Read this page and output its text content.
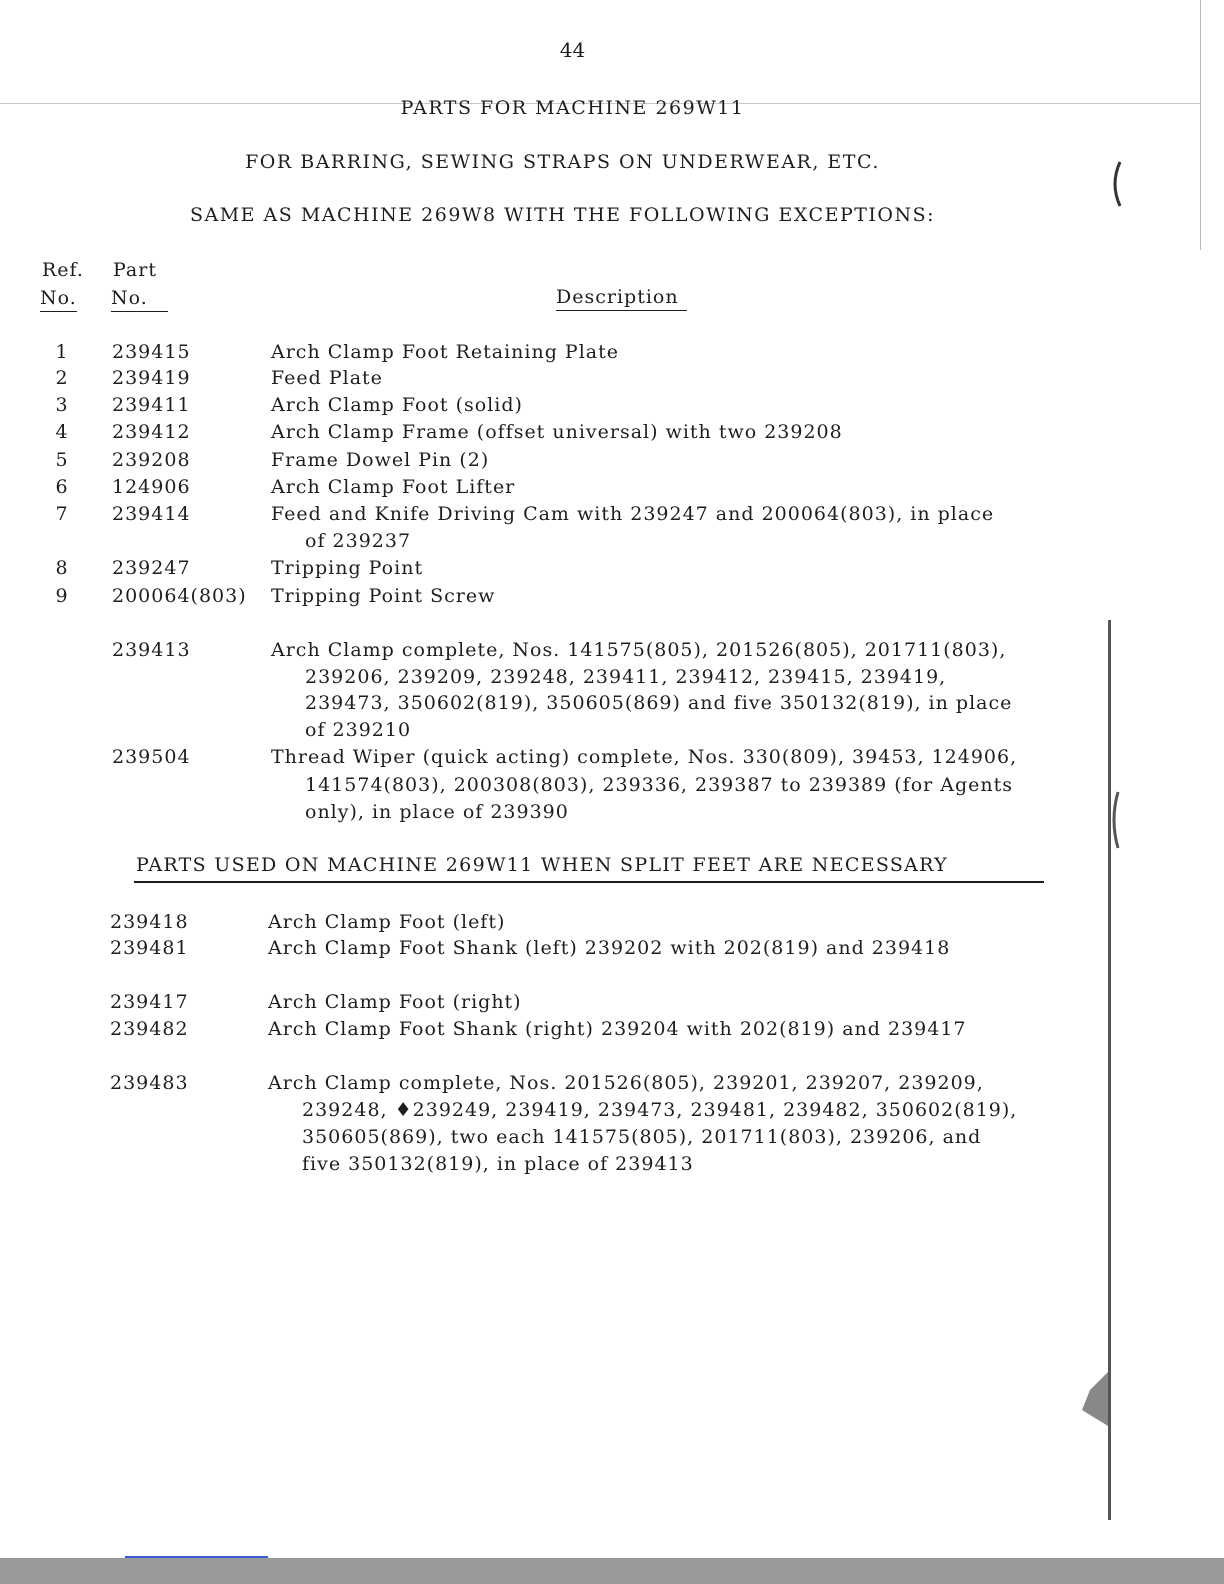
44
PARTS FOR MACHINE 269W11
FOR BARRING, SEWING STRAPS ON UNDERWEAR, ETC.
SAME AS MACHINE 269W8 WITH THE FOLLOWING EXCEPTIONS:
Ref.
No.
Part
No.	Description
1	239415	Arch Clamp Foot Retaining Plate
2	239419	Feed Plate
3	239411	Arch Clamp Foot (solid)
4	239412	Arch Clamp Frame (offset universal) with two 239208
5	239208	Frame Dowel Pin (2)
6	124906	Arch Clamp Foot Lifter
7	239414	Feed and Knife Driving Cam with 239247 and 200064(803), in place
of 239237
8	239247	Tripping Point
9	200064(803) Tripping Point Screw
239413	Arch Clamp complete, Nos. 141575(805), 201526(805), 201711(803),
239206, 239209, 239248, 239411, 239412, 239415, 239419,
239473, 350602(819), 350605(869) and five 350132(819), in place
of 239210
239504	Thread Wiper (quick acting) complete, Nos. 330(809), 39453, 124906,
141574(803), 200308(803), 239336, 239387 to 239389 (for Agents
only), in place of 239390
PARTS USED ON MACHINE 269W11 WHEN SPLIT FEET ARE NECESSARY
239418	Arch Clamp Foot (left)
239481	Arch Clamp Foot Shank (left) 239202 with 202(819) and 239418
239417	Arch Clamp Foot (right)
239482	Arch Clamp Foot Shank (right) 239204 with 202(819) and 239417
239483	Arch Clamp complete, Nos. 201526(805), 239201, 239207, 239209,
239248, ♦239249, 239419, 239473, 239481, 239482, 350602(819),
350605(869), two each 141575(805), 201711(803), 239206, and
five 350132(819), in place of 239413
